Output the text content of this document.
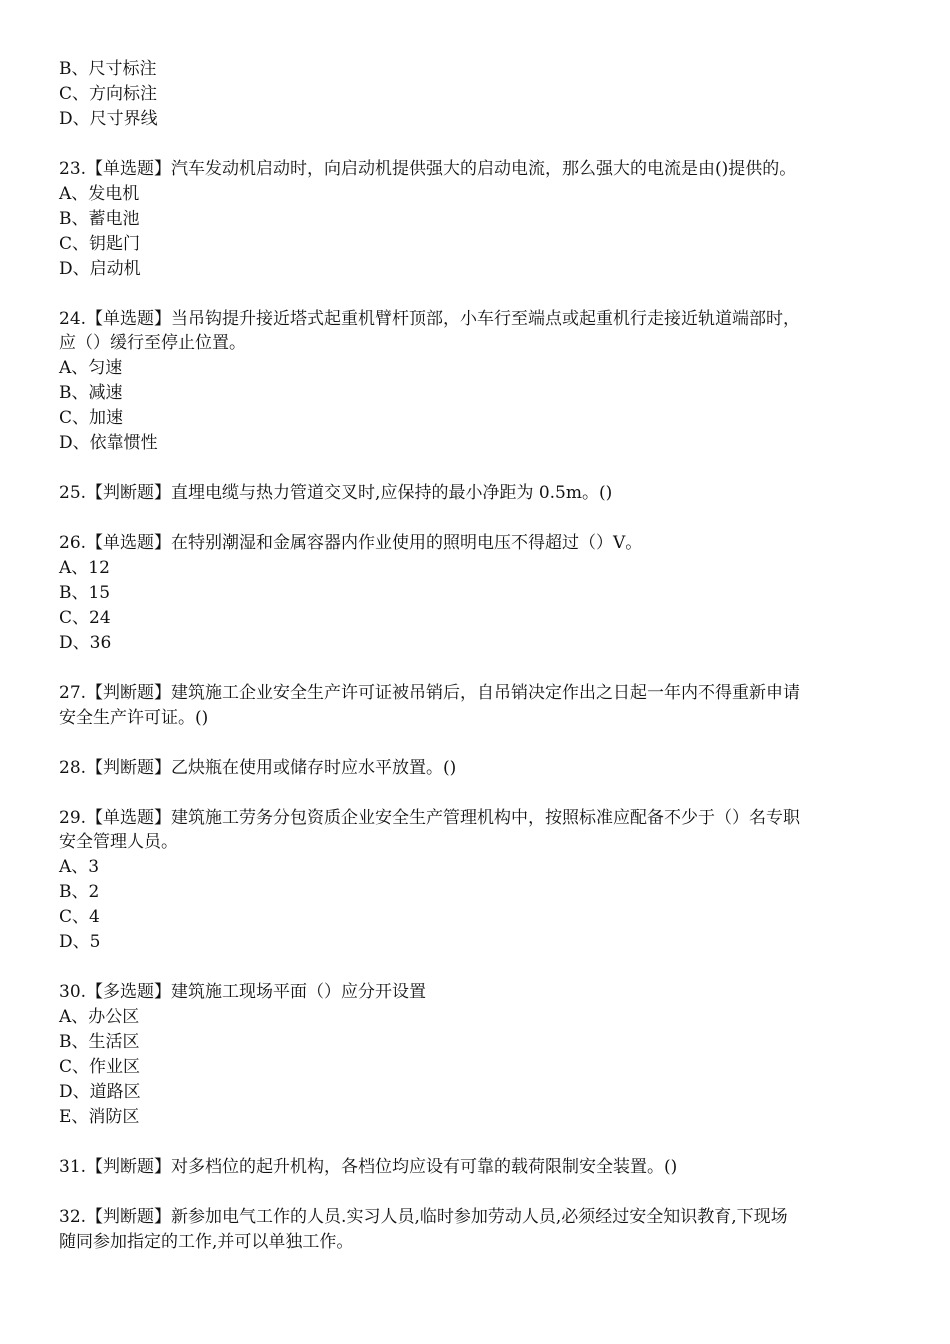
B、尺寸标注
C、方向标注
D、尺寸界线
23.【单选题】汽车发动机启动时，向启动机提供强大的启动电流，那么强大的电流是由()提供的。
A、发电机
B、蓄电池
C、钥匙门
D、启动机
24.【单选题】当吊钩提升接近塔式起重机臂杆顶部，小车行至端点或起重机行走接近轨道端部时，
应（）缓行至停止位置。
A、匀速
B、减速
C、加速
D、依靠惯性
25.【判断题】直埋电缆与热力管道交叉时,应保持的最小净距为 0.5m。()
26.【单选题】在特别潮湿和金属容器内作业使用的照明电压不得超过（）V。
A、12
B、15
C、24
D、36
27.【判断题】建筑施工企业安全生产许可证被吊销后，自吊销决定作出之日起一年内不得重新申请
安全生产许可证。()
28.【判断题】乙炔瓶在使用或储存时应水平放置。()
29.【单选题】建筑施工劳务分包资质企业安全生产管理机构中，按照标准应配备不少于（）名专职
安全管理人员。
A、3
B、2
C、4
D、5
30.【多选题】建筑施工现场平面（）应分开设置
A、办公区
B、生活区
C、作业区
D、道路区
E、消防区
31.【判断题】对多档位的起升机构，各档位均应设有可靠的载荷限制安全装置。()
32.【判断题】新参加电气工作的人员.实习人员,临时参加劳动人员,必须经过安全知识教育,下现场
随同参加指定的工作,并可以单独工作。
